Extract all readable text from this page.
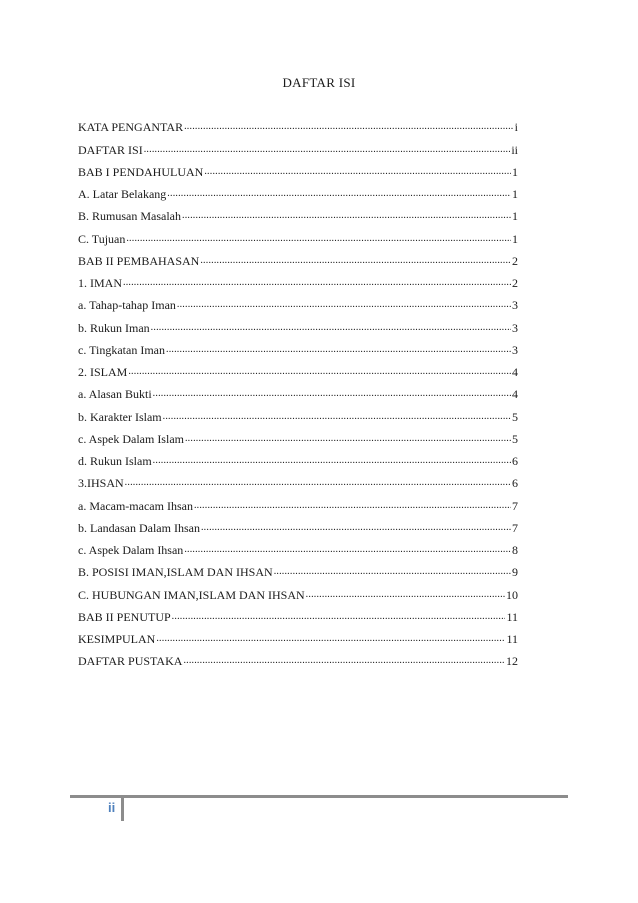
DAFTAR ISI
KATA PENGANTAR .....	i
DAFTAR ISI .....	ii
BAB I PENDAHULUAN .....	1
A. Latar Belakang .....	1
B. Rumusan Masalah .....	1
C. Tujuan .....	1
BAB II PEMBAHASAN .....	2
1. IMAN .....	2
a. Tahap-tahap Iman .....	3
b. Rukun Iman .....	3
c. Tingkatan Iman .....	3
2. ISLAM .....	4
a. Alasan Bukti .....	4
b. Karakter Islam .....	5
c. Aspek Dalam Islam .....	5
d. Rukun Islam .....	6
3.IHSAN .....	6
a. Macam-macam Ihsan .....	7
b. Landasan Dalam Ihsan .....	7
c. Aspek Dalam Ihsan .....	8
B. POSISI IMAN,ISLAM DAN IHSAN .....	9
C. HUBUNGAN IMAN,ISLAM DAN IHSAN .....	10
BAB II PENUTUP .....	11
KESIMPULAN .....	11
DAFTAR PUSTAKA .....	12
ii
